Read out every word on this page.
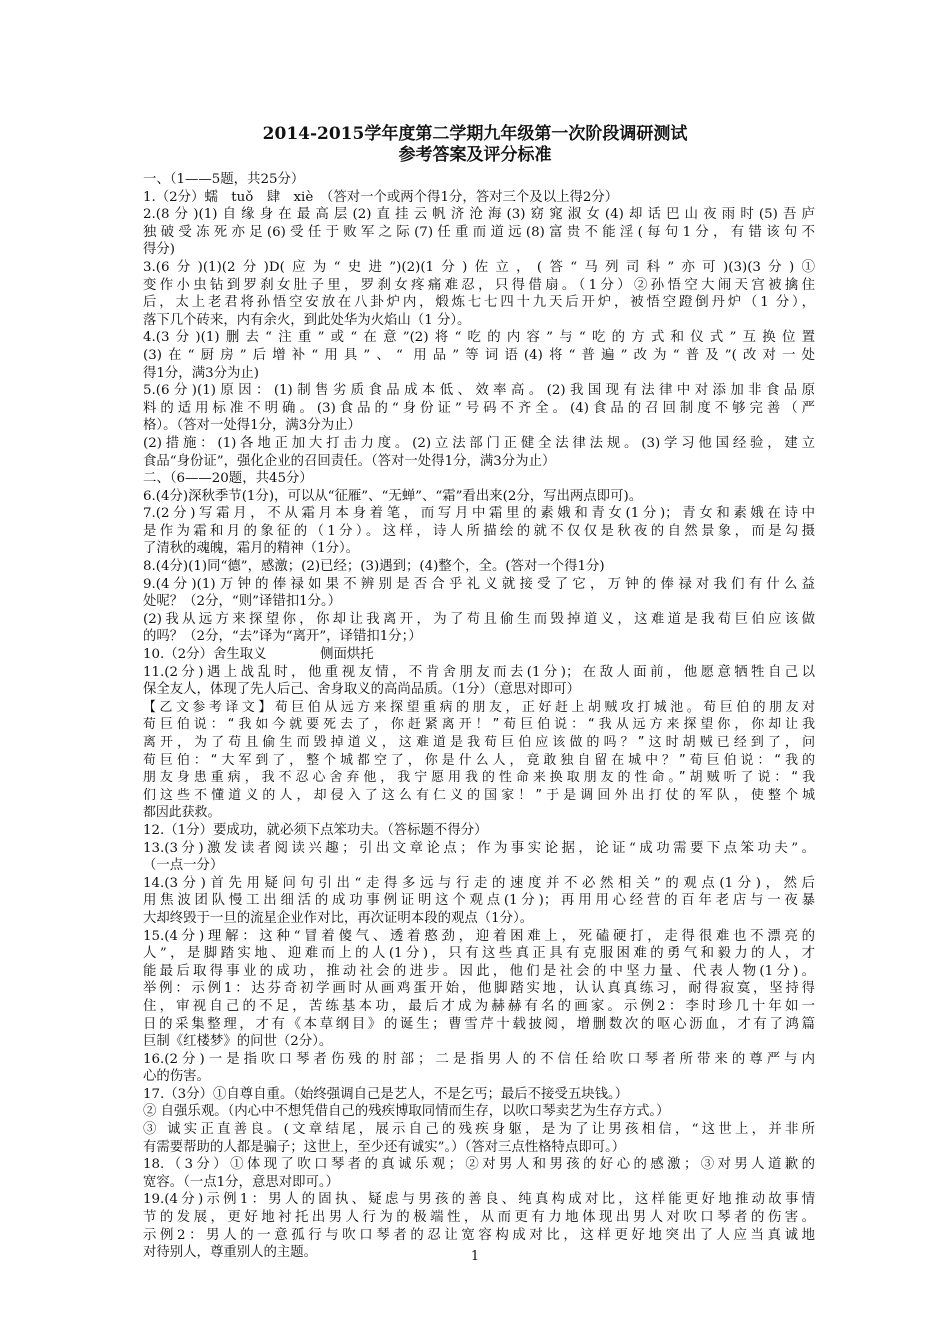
2014-2015学年度第二学期九年级第一次阶段调研测试
参考答案及评分标准
一、（1——5题，共25分）
1.（2分）蠕　tuǒ　肆　xiè　（答对一个或两个得1分，答对三个及以上得2分）
2.(8分)(1)自缘身在最高层(2)直挂云帆济沧海(3)窈窕淑女(4)却话巴山夜雨时(5)吾庐
独破受冻死亦足(6)受任于败军之际(7)任重而道远(8)富贵不能淫(每句1分，有错该句不
得分)
3.(6分)(1)(2分)D(应为“史进”)(2)(1分)佐立，(答“马列司科”亦可)(3)(3分)①
变作小虫钻到罗刹女肚子里，罗刹女疼痛难忍，只得借扇。（1分）②孙悟空大闹天宫被擒住
后，太上老君将孙悟空安放在八卦炉内，煅炼七七四十九天后开炉，被悟空蹬倒丹炉（1 分），
落下几个砖来，内有余火，到此处华为火焰山（1 分）。
4.(3分)(1)删去“注重”或“在意”(2)将“吃的内容”与“吃的方式和仪式”互换位置
(3)在“厨房”后增补“用具”、“ 用品”等词语(4)将“普遍”改为“普及”(改对一处
得1分，满3分为止)
5.(6分)(1)原因：(1)制售劣质食品成本低、效率高。(2)我国现有法律中对添加非食品原
料的适用标准不明确。(3)食品的“身份证”号码不齐全。(4)食品的召回制度不够完善（严
格）。（答对一处得1分，满3分为止）
(2)措施：(1)各地正加大打击力度。(2)立法部门正健全法律法规。(3)学习他国经验，建立
食品“身份证”，强化企业的召回责任。（答对一处得1分，满3分为止）
二、（6——20题，共45分）
6.(4分)深秋季节(1分)，可以从“征雁”、“无蝉”、“霜”看出来(2分，写出两点即可)。
7.(2分)写霜月，不从霜月本身着笔，而写月中霜里的素娥和青女(1分)；青女和素娥在诗中
是作为霜和月的象征的（1分）。这样，诗人所描绘的就不仅仅是秋夜的自然景象，而是勾摄
了清秋的魂魄，霜月的精神（1分）。
8.(4分)(1)同“德”，感激；(2)已经；(3)遇到；(4)整个，全。(答对一个得1分)
9.(4分)(1)万钟的俸禄如果不辨别是否合乎礼义就接受了它，万钟的俸禄对我们有什么益
处呢？（2分，“则”译错扣1分。）
(2)我从远方来探望你，你却让我离开，为了苟且偷生而毁掉道义，这难道是我荀巨伯应该做
的吗？（2分，“去”译为“离开”，译错扣1分；）
10.（2分）舍生取义　　　　侧面烘托
11.(2分)遇上战乱时，他重视友情，不肯舍朋友而去(1分)；在敌人面前，他愿意牺牲自己以
保全友人，体现了先人后己、舍身取义的高尚品质。（1分）（意思对即可）
【乙文参考译文】荀巨伯从远方来探望重病的朋友，正好赶上胡贼攻打城池。荀巨伯的朋友对
荀巨伯说：“我如今就要死去了，你赶紧离开！”荀巨伯说：“我从远方来探望你，你却让我
离开，为了苟且偷生而毁掉道义，这难道是我荀巨伯应该做的吗？”这时胡贼已经到了，问
荀巨伯：“大军到了，整个城都空了，你是什么人，竟敢独自留在城中？”荀巨伯说：“我的
朋友身患重病，我不忍心舍弃他，我宁愿用我的性命来换取朋友的性命。”胡贼听了说：“我
们这些不懂道义的人，却侵入了这么有仁义的国家！”于是调回外出打仗的军队，使整个城
都因此获救。
12.（1分）要成功，就必须下点笨功夫。（答标题不得分）
13.(3分)激发读者阅读兴趣；引出文章论点；作为事实论据，论证“成功需要下点笨功夫”。
（一点一分）
14.(3分)首先用疑问句引出“走得多远与行走的速度并不必然相关”的观点(1分)，然后
用焦波团队慢工出细活的成功事例证明这个观点(1分)；再用用心经营的百年老店与一夜暴
大却终毁于一旦的流星企业作对比，再次证明本段的观点（1分）。
15.(4分)理解：这种“冒着傻气、透着憨劲，迎着困难上，死磕硬打，走得很难也不漂亮的
人”，是脚踏实地、迎难而上的人(1分)，只有这些真正具有克服困难的勇气和毅力的人，才
能最后取得事业的成功，推动社会的进步。因此，他们是社会的中坚力量、代表人物(1分)。
举例：示例1：达芬奇初学画时从画鸡蛋开始，他脚踏实地，认认真真练习，耐得寂寞，坚持得
住，审视自己的不足，苦练基本功，最后才成为赫赫有名的画家。示例2：李时珍几十年如一
日的采集整理，才有《本草纲目》的诞生；曹雪芹十载披阅，增删数次的呕心沥血，才有了鸿篇
巨制《红楼梦》的问世（2分）。
16.(2分)一是指吹口琴者伤残的肘部；二是指男人的不信任给吹口琴者所带来的尊严与内
心的伤害。
17.（3分）①自尊自重。（始终强调自己是艺人，不是乞丐；最后不接受五块钱。）
② 自强乐观。（内心中不想凭借自己的残疾博取同情而生存，以吹口琴卖艺为生存方式。）
③ 诚实正直善良。(文章结尾，展示自己的残疾身躯，是为了让男孩相信，“这世上，并非所
有需要帮助的人都是骗子；这世上，至少还有诚实”。）（答对三点性格特点即可。）
18.（3分）①体现了吹口琴者的真诚乐观；②对男人和男孩的好心的感激；③对男人道歉的
宽容。（一点1分，意思对即可。）
19.(4分)示例1：男人的固执、疑虑与男孩的善良、纯真构成对比，这样能更好地推动故事情
节的发展，更好地衬托出男人行为的极端性，从而更有力地体现出男人对吹口琴者的伤害。
示例2：男人的一意孤行与吹口琴者的忍让宽容构成对比，这样更好地突出了人应当真诚地
对待别人，尊重别人的主题。	1
